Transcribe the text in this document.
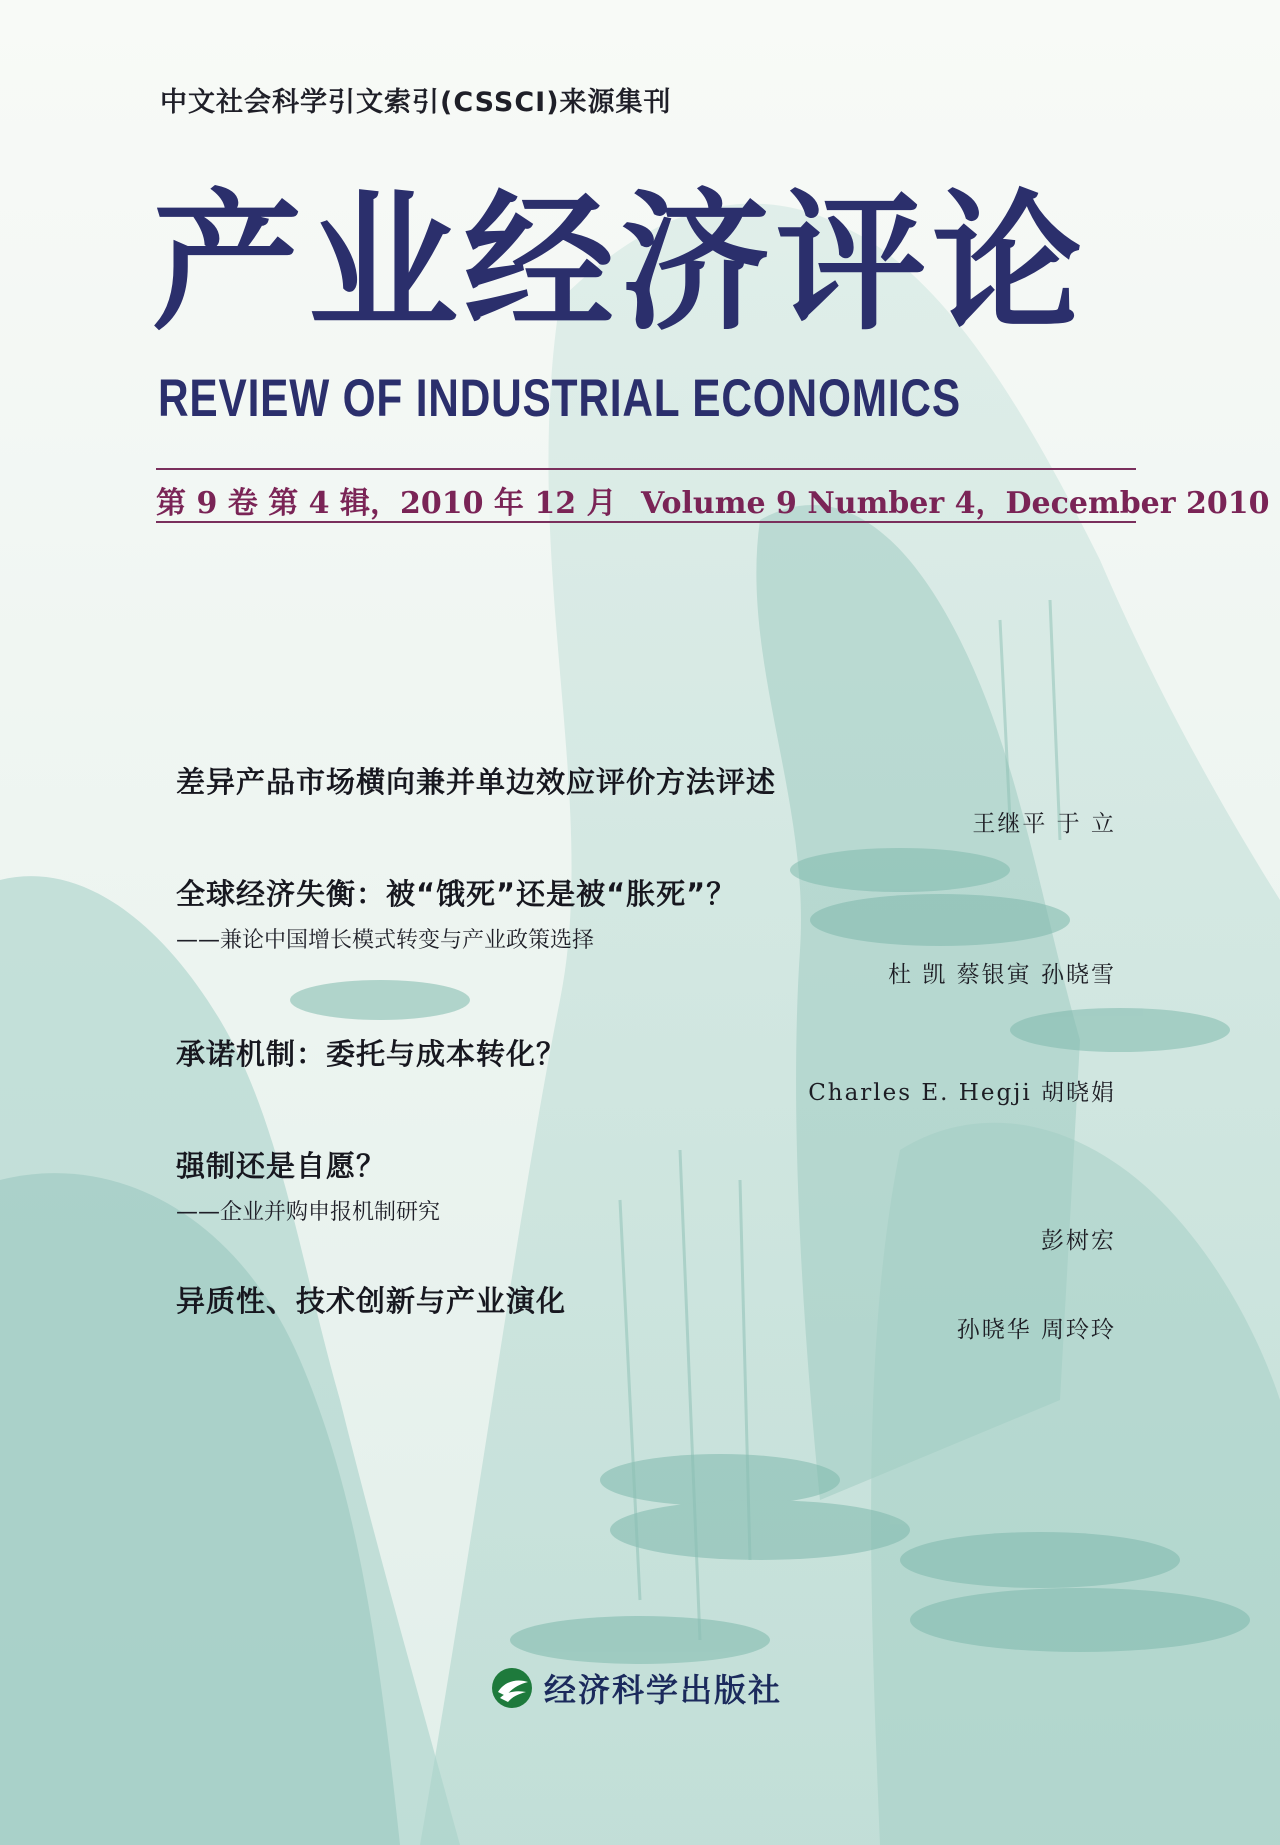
中文社会科学引文索引(CSSCI)来源集刊
产业经济评论
REVIEW OF INDUSTRIAL ECONOMICS
第 9 卷 第 4 辑，2010 年 12 月 Volume 9 Number 4，December 2010
差异产品市场横向兼并单边效应评价方法评述
王继平 于 立
全球经济失衡：被“饿死”还是被“胀死”？
——兼论中国增长模式转变与产业政策选择
杜 凯 蔡银寅 孙晓雪
承诺机制：委托与成本转化？
Charles E. Hegji 胡晓娟
强制还是自愿？
——企业并购申报机制研究
彭树宏
异质性、技术创新与产业演化
孙晓华 周玲玲
经济科学出版社
